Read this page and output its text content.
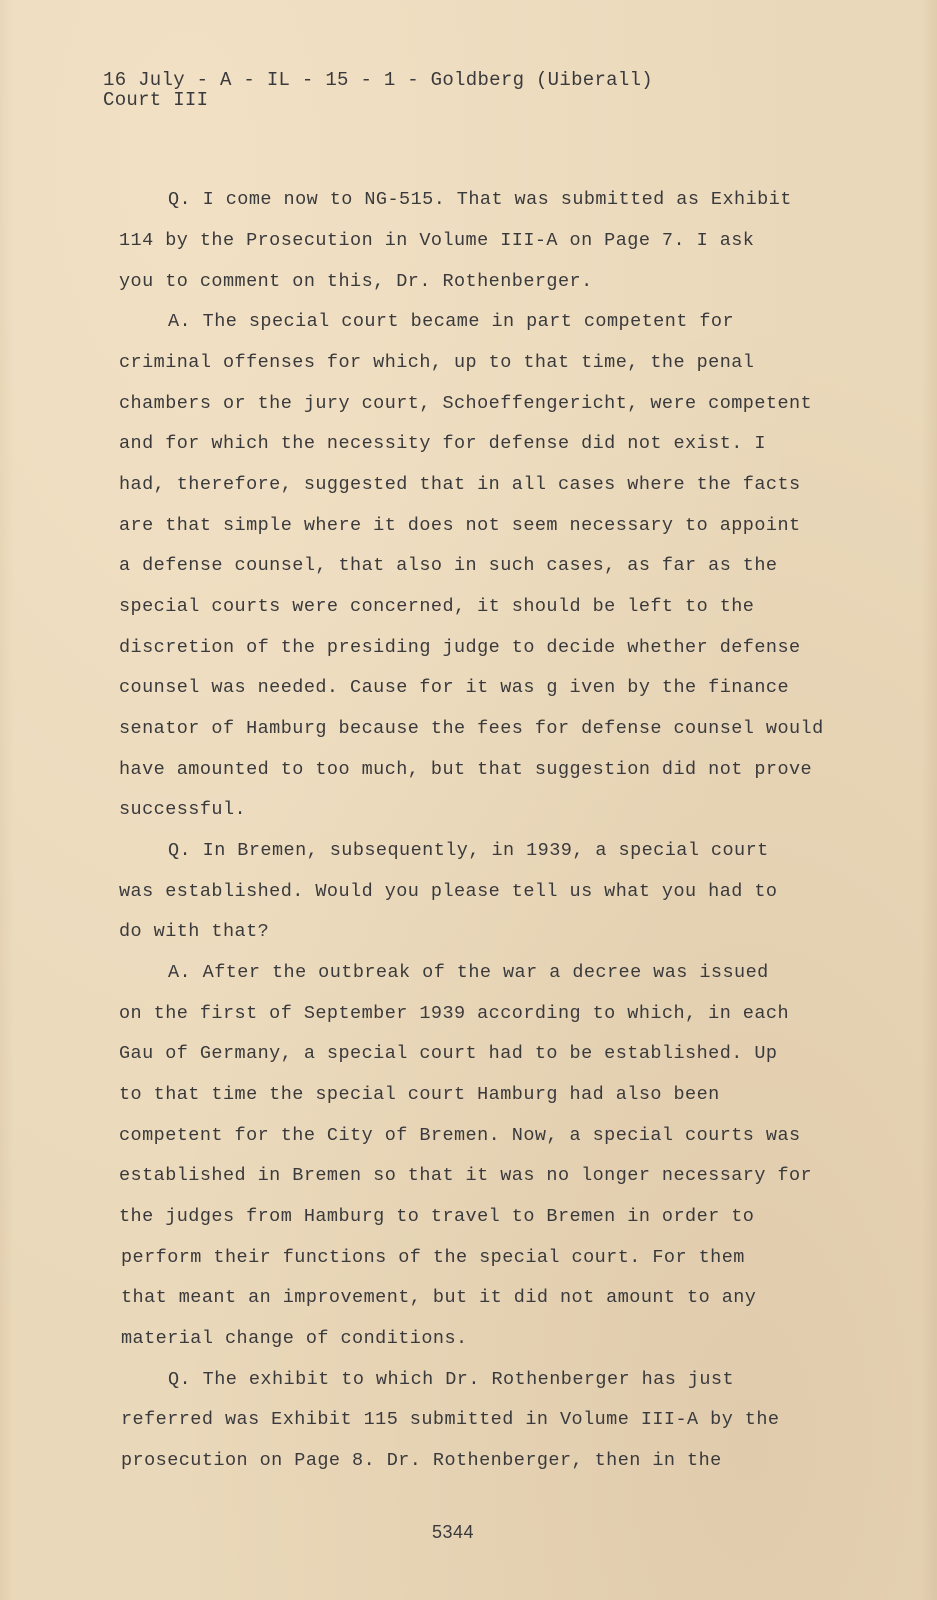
16 July - A - IL - 15 - 1 - Goldberg (Uiberall)
Court III
Q. I come now to NG-515. That was submitted as Exhibit
114 by the Prosecution in Volume III-A on Page 7. I ask
you to comment on this, Dr. Rothenberger.
A. The special court became in part competent for
criminal offenses for which, up to that time, the penal
chambers or the jury court, Schoeffengericht, were competent
and for which the necessity for defense did not exist. I
had, therefore, suggested that in all cases where the facts
are that simple where it does not seem necessary to appoint
a defense counsel, that also in such cases, as far as the
special courts were concerned, it should be left to the
discretion of the presiding judge to decide whether defense
counsel was needed. Cause for it was g iven by the finance
senator of Hamburg because the fees for defense counsel would
have amounted to too much, but that suggestion did not prove
successful.
Q. In Bremen, subsequently, in 1939, a special court
was established. Would you please tell us what you had to
do with that?
A. After the outbreak of the war a decree was issued
on the first of September 1939 according to which, in each
Gau of Germany, a special court had to be established. Up
to that time the special court Hamburg had also been
competent for the City of Bremen. Now, a special courts was
established in Bremen so that it was no longer necessary for
the judges from Hamburg to travel to Bremen in order to
perform their functions of the special court. For them
that meant an improvement, but it did not amount to any
material change of conditions.
Q. The exhibit to which Dr. Rothenberger has just
referred was Exhibit 115 submitted in Volume III-A by the
prosecution on Page 8. Dr. Rothenberger, then in the
5344
